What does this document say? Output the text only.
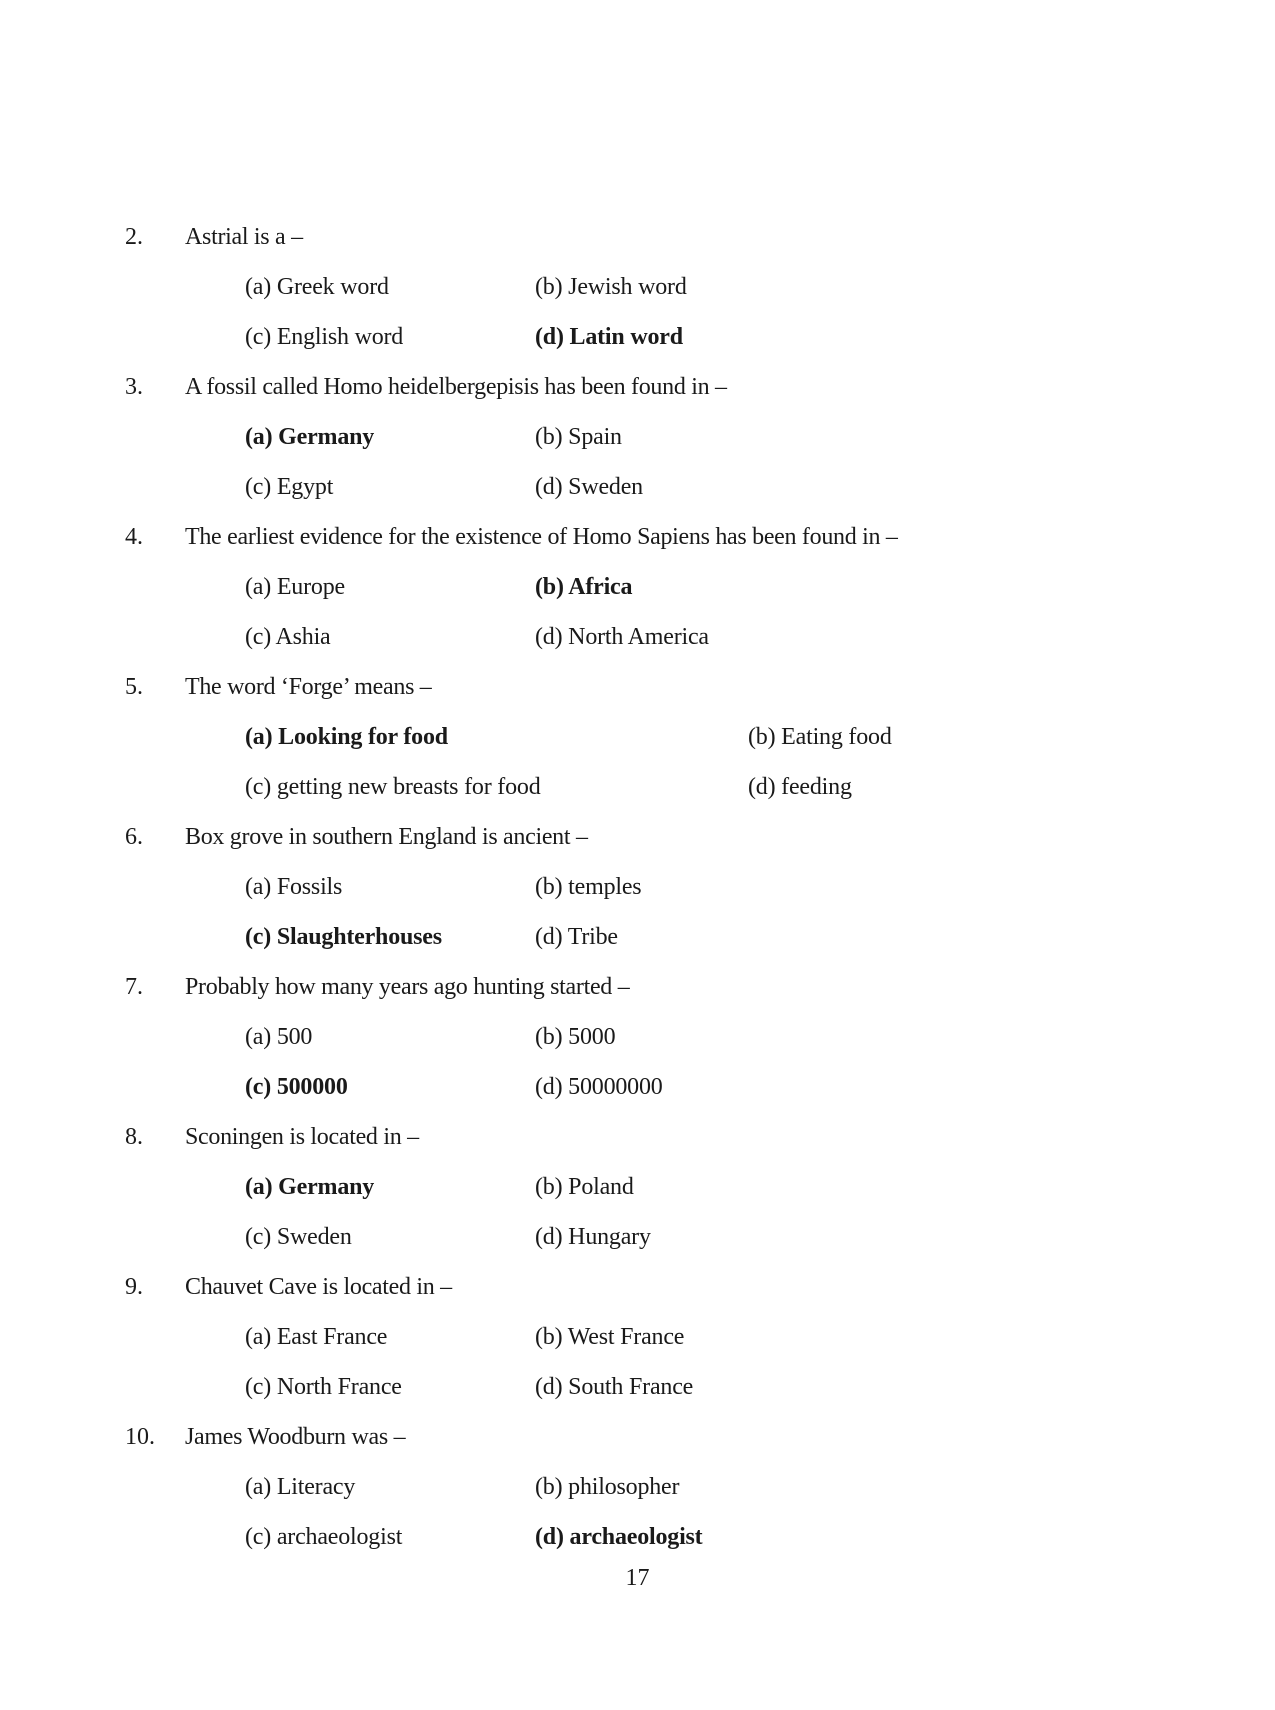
2. Astrial is a –
(a) Greek word	(b) Jewish word
(c) English word	(d) Latin word
3. A fossil called Homo heidelbergepisis has been found in –
(a) Germany	(b) Spain
(c) Egypt	(d) Sweden
4. The earliest evidence for the existence of Homo Sapiens has been found in –
(a) Europe	(b) Africa
(c) Ashia	(d) North America
5. The word ‘Forge’ means –
(a) Looking for food	(b) Eating food
(c) getting new breasts for food	(d) feeding
6. Box grove in southern England is ancient –
(a) Fossils	(b) temples
(c) Slaughterhouses	(d) Tribe
7. Probably how many years ago hunting started –
(a) 500	(b) 5000
(c) 500000	(d) 50000000
8. Sconingen is located in –
(a) Germany	(b) Poland
(c) Sweden	(d) Hungary
9. Chauvet Cave is located in –
(a) East France	(b) West France
(c) North France	(d) South France
10. James Woodburn was –
(a) Literacy	(b) philosopher
(c) archaeologist	(d) archaeologist
17
